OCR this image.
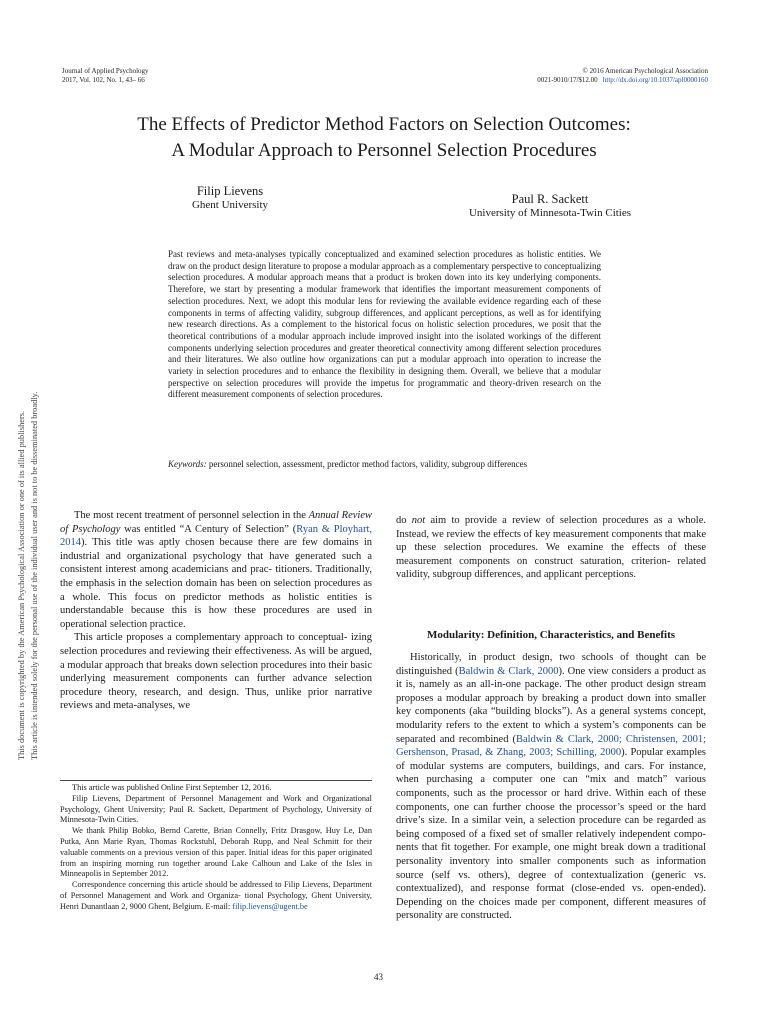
Journal of Applied Psychology
2017, Vol. 102, No. 1, 43– 66
© 2016 American Psychological Association
0021-9010/17/$12.00 http://dx.doi.org/10.1037/apl0000160
The Effects of Predictor Method Factors on Selection Outcomes:
A Modular Approach to Personnel Selection Procedures
Filip Lievens
Ghent University	Paul R. Sackett
University of Minnesota-Twin Cities
Past reviews and meta-analyses typically conceptualized and examined selection procedures as holistic entities. We draw on the product design literature to propose a modular approach as a complementary perspective to conceptualizing selection procedures. A modular approach means that a product is broken down into its key underlying components. Therefore, we start by presenting a modular framework that identifies the important measurement components of selection procedures. Next, we adopt this modular lens for reviewing the available evidence regarding each of these components in terms of affecting validity, subgroup differences, and applicant perceptions, as well as for identifying new research directions. As a complement to the historical focus on holistic selection procedures, we posit that the theoretical contributions of a modular approach include improved insight into the isolated workings of the different components underlying selection procedures and greater theoretical connectivity among different selection procedures and their literatures. We also outline how organizations can put a modular approach into operation to increase the variety in selection procedures and to enhance the flexibility in designing them. Overall, we believe that a modular perspective on selection procedures will provide the impetus for programmatic and theory-driven research on the different measurement components of selection procedures.
Keywords: personnel selection, assessment, predictor method factors, validity, subgroup differences
This document is copyrighted by the American Psychological Association or one of its allied publishers. This article is intended solely for the personal use of the individual user and is not to be disseminated broadly.	The most recent treatment of personnel selection in the Annual Review of Psychology was entitled “A Century of Selection” (Ryan & Ployhart, 2014). This title was aptly chosen because there are few domains in industrial and organizational psychology that have generated such a consistent interest among academicians and prac- titioners. Traditionally, the emphasis in the selection domain has been on selection procedures as a whole. This focus on predictor methods as holistic entities is understandable because this is how these procedures are used in operational selection practice.

This article proposes a complementary approach to conceptual- izing selection procedures and reviewing their effectiveness. As will be argued, a modular approach that breaks down selection procedures into their basic underlying measurement components can further advance selection procedure theory, research, and design. Thus, unlike prior narrative reviews and meta-analyses, we

This article was published Online First September 12, 2016.

Filip Lievens, Department of Personnel Management and Work and Organizational Psychology, Ghent University; Paul R. Sackett, Department of Psychology, University of Minnesota-Twin Cities.

We thank Philip Bobko, Bernd Carette, Brian Connelly, Fritz Drasgow, Huy Le, Dan Putka, Ann Marie Ryan, Thomas Rockstuhl, Deborah Rupp, and Neal Schmitt for their valuable comments on a previous version of this paper. Initial ideas for this paper originated from an inspiring morning run together around Lake Calhoun and Lake of the Isles in Minneapolis in September 2012.

Correspondence concerning this article should be addressed to Filip Lievens, Department of Personnel Management and Work and Organiza- tional Psychology, Ghent University, Henri Dunantlaan 2, 9000 Ghent, Belgium. E-mail: filip.lievens@ugent.be

do not aim to provide a review of selection procedures as a whole. Instead, we review the effects of key measurement components that make up these selection procedures. We examine the effects of these measurement components on construct saturation, criterion- related validity, subgroup differences, and applicant perceptions.

Modularity: Definition, Characteristics, and Benefits

Historically, in product design, two schools of thought can be distinguished (Baldwin & Clark, 2000). One view considers a product as it is, namely as an all-in-one package. The other product design stream proposes a modular approach by breaking a product down into smaller key components (aka “building blocks”). As a general systems concept, modularity refers to the extent to which a system’s components can be separated and recombined (Baldwin & Clark, 2000; Christensen, 2001; Gershenson, Prasad, & Zhang, 2003; Schilling, 2000). Popular examples of modular systems are computers, buildings, and cars. For instance, when purchasing a computer one can “mix and match” various components, such as the processor or hard drive. Within each of these components, one can further choose the processor’s speed or the hard drive’s size. In a similar vein, a selection procedure can be regarded as being composed of a fixed set of smaller relatively independent compo- nents that fit together. For example, one might break down a traditional personality inventory into smaller components such as information source (self vs. others), degree of contextualization (generic vs. contextualized), and response format (close-ended vs. open-ended). Depending on the choices made per component, different measures of personality are constructed.

43
